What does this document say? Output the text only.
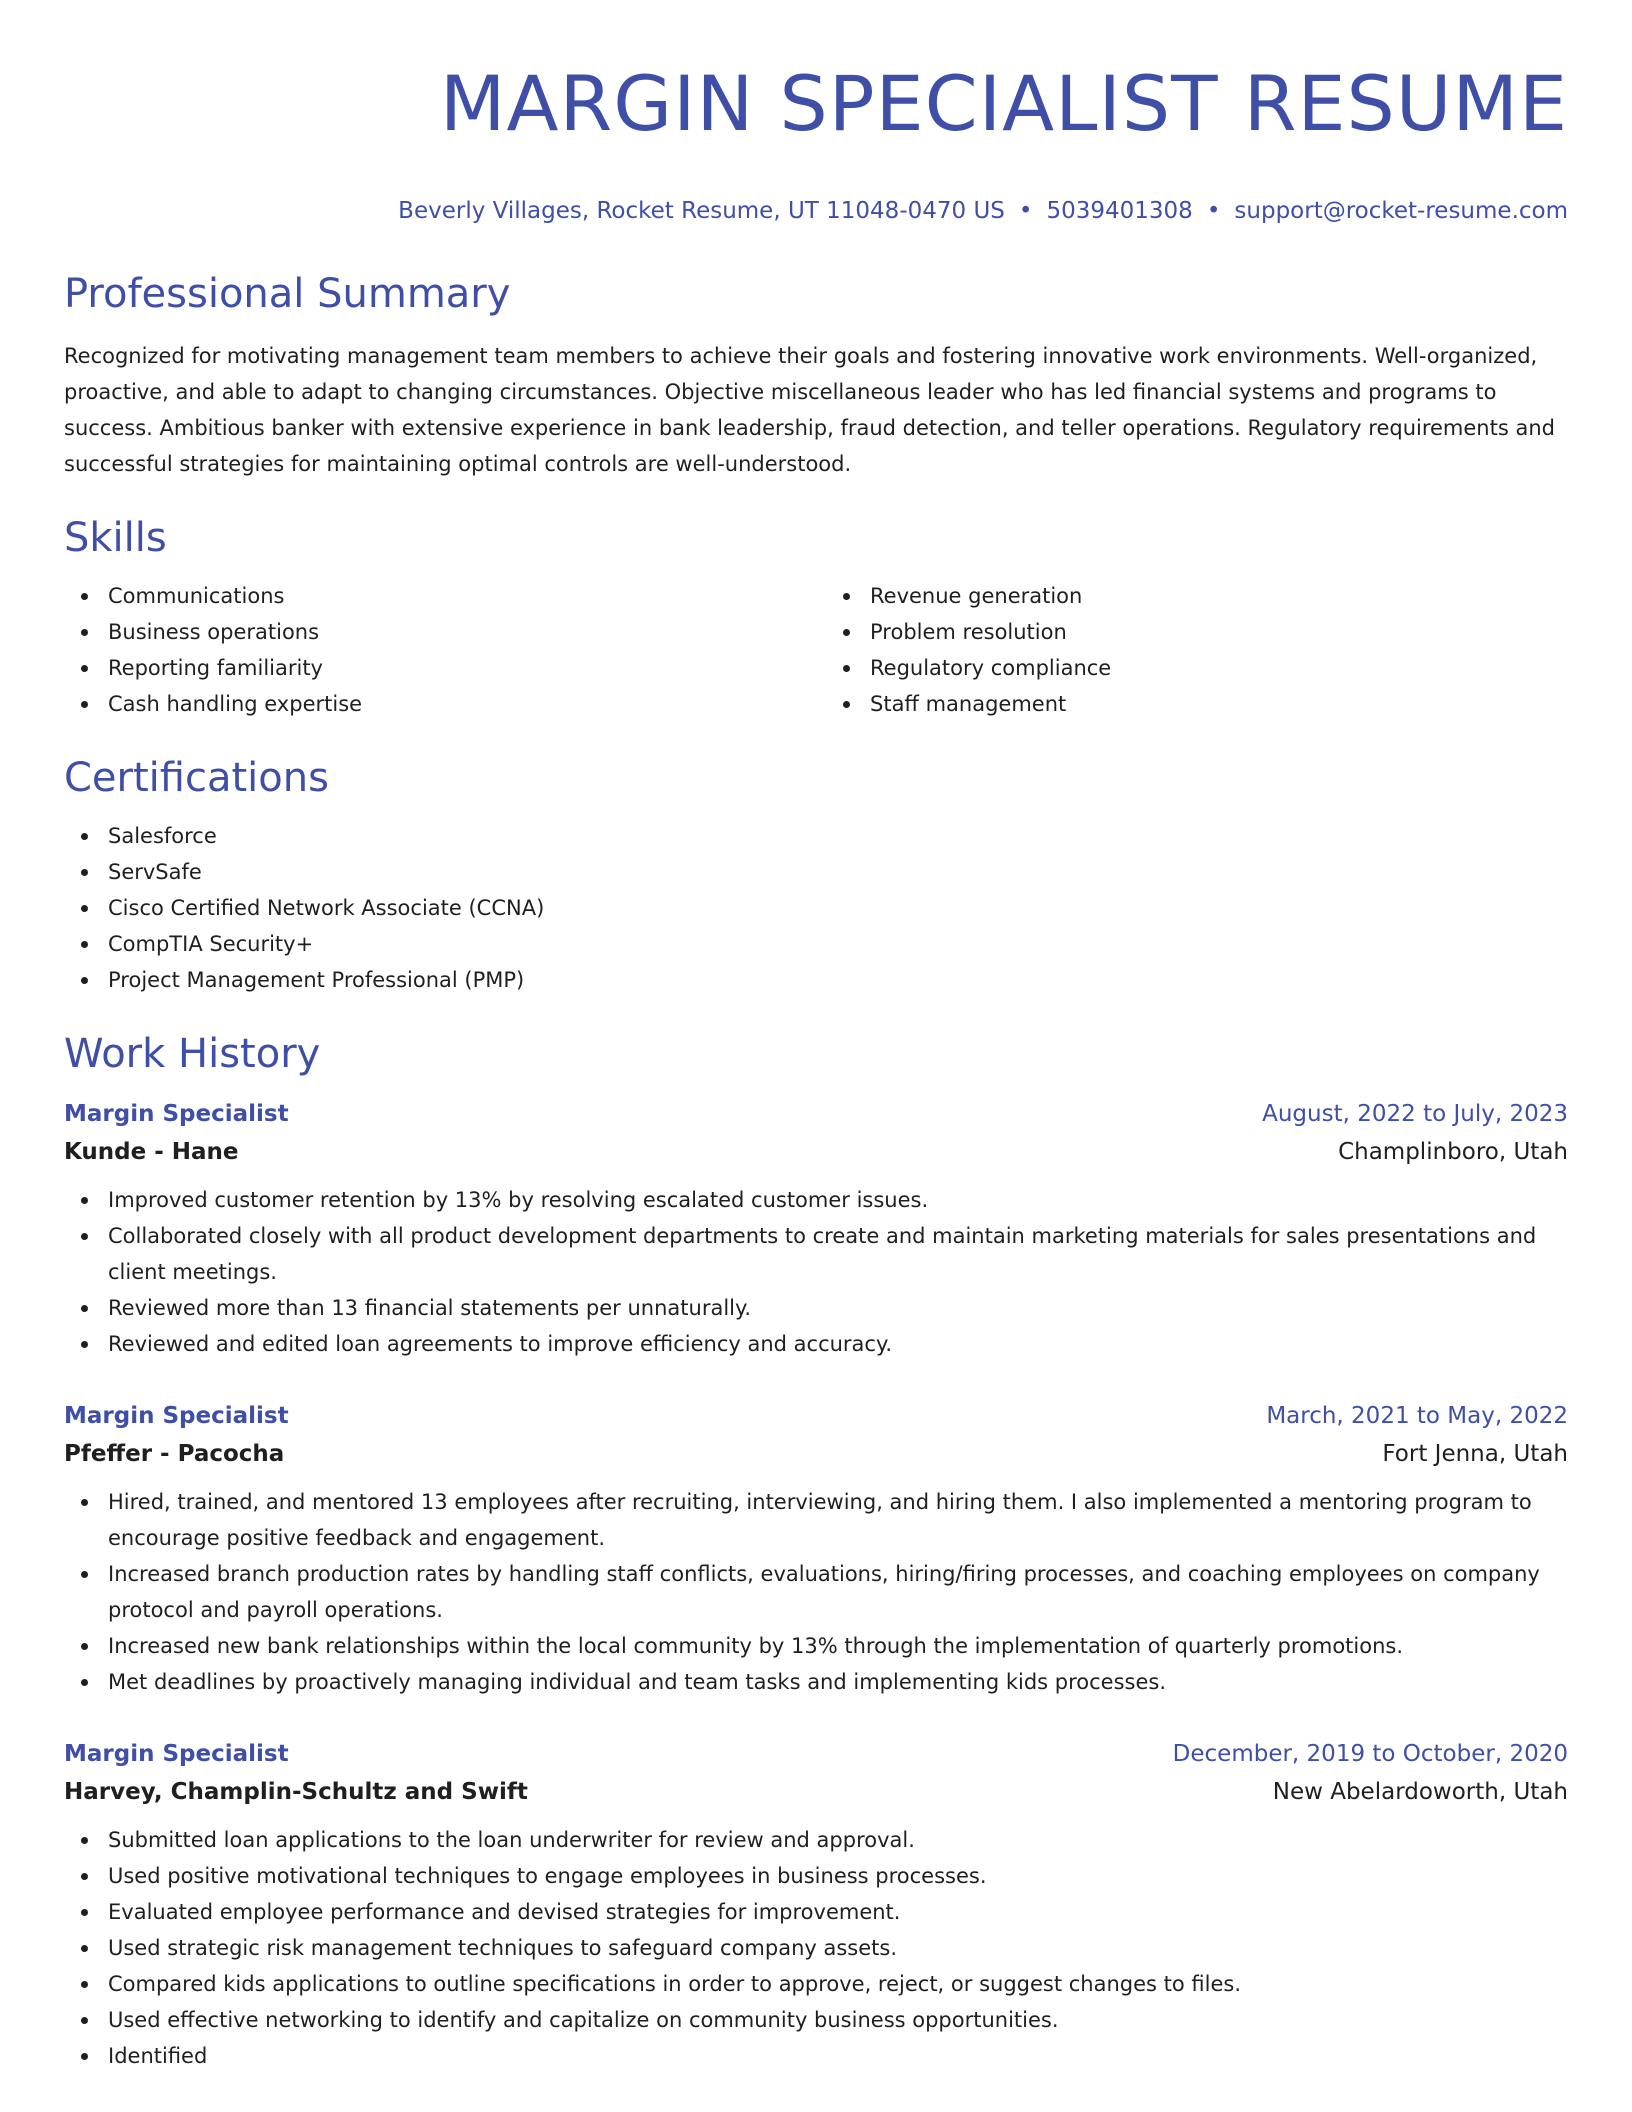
MARGIN SPECIALIST RESUME
Beverly Villages, Rocket Resume, UT 11048-0470 US • 5039401308 • support@rocket-resume.com
Professional Summary
Recognized for motivating management team members to achieve their goals and fostering innovative work environments. Well-organized, proactive, and able to adapt to changing circumstances. Objective miscellaneous leader who has led financial systems and programs to success. Ambitious banker with extensive experience in bank leadership, fraud detection, and teller operations. Regulatory requirements and successful strategies for maintaining optimal controls are well-understood.
Skills
Communications
Business operations
Reporting familiarity
Cash handling expertise
Revenue generation
Problem resolution
Regulatory compliance
Staff management
Certifications
Salesforce
ServSafe
Cisco Certified Network Associate (CCNA)
CompTIA Security+
Project Management Professional (PMP)
Work History
Margin Specialist	August, 2022 to July, 2023
Kunde - Hane	Champlinboro, Utah
Improved customer retention by 13% by resolving escalated customer issues.
Collaborated closely with all product development departments to create and maintain marketing materials for sales presentations and client meetings.
Reviewed more than 13 financial statements per unnaturally.
Reviewed and edited loan agreements to improve efficiency and accuracy.
Margin Specialist	March, 2021 to May, 2022
Pfeffer - Pacocha	Fort Jenna, Utah
Hired, trained, and mentored 13 employees after recruiting, interviewing, and hiring them. I also implemented a mentoring program to encourage positive feedback and engagement.
Increased branch production rates by handling staff conflicts, evaluations, hiring/firing processes, and coaching employees on company protocol and payroll operations.
Increased new bank relationships within the local community by 13% through the implementation of quarterly promotions.
Met deadlines by proactively managing individual and team tasks and implementing kids processes.
Margin Specialist	December, 2019 to October, 2020
Harvey, Champlin-Schultz and Swift	New Abelardoworth, Utah
Submitted loan applications to the loan underwriter for review and approval.
Used positive motivational techniques to engage employees in business processes.
Evaluated employee performance and devised strategies for improvement.
Used strategic risk management techniques to safeguard company assets.
Compared kids applications to outline specifications in order to approve, reject, or suggest changes to files.
Used effective networking to identify and capitalize on community business opportunities.
Identified
